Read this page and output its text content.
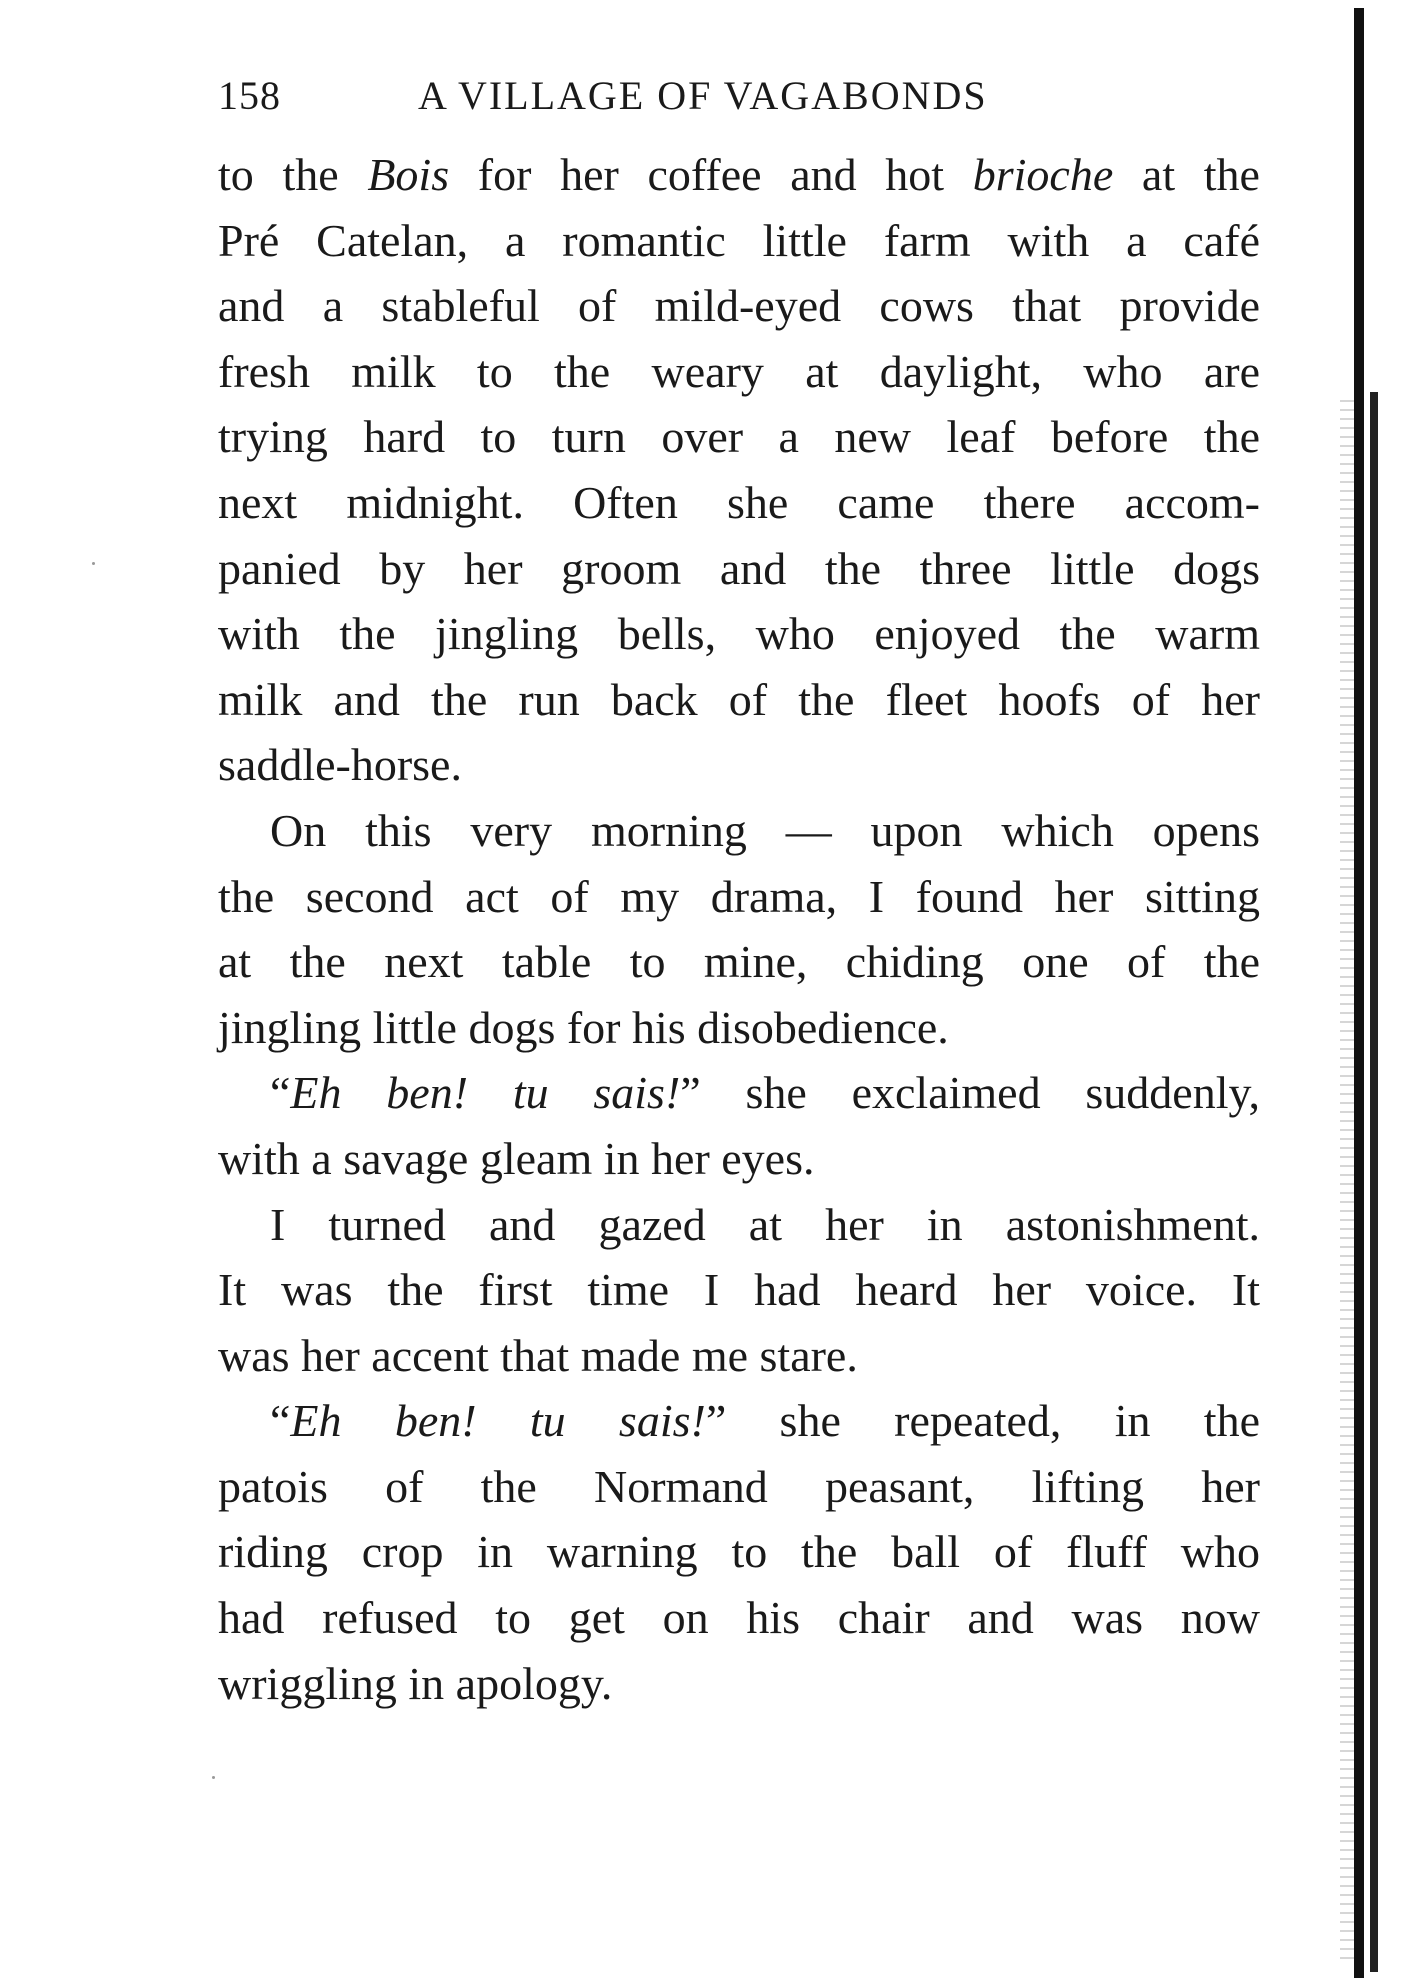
158	A VILLAGE OF VAGABONDS
to the Bois for her coffee and hot brioche at the
Pré Catelan, a romantic little farm with a café
and a stableful of mild-eyed cows that provide
fresh milk to the weary at daylight, who are
trying hard to turn over a new leaf before the
next midnight. Often she came there accom-
panied by her groom and the three little dogs
with the jingling bells, who enjoyed the warm
milk and the run back of the fleet hoofs of her
saddle-horse.
On this very morning — upon which opens
the second act of my drama, I found her sitting
at the next table to mine, chiding one of the
jingling little dogs for his disobedience.
“Eh ben! tu sais!” she exclaimed suddenly,
with a savage gleam in her eyes.
I turned and gazed at her in astonishment.
It was the first time I had heard her voice. It
was her accent that made me stare.
“Eh ben! tu sais!” she repeated, in the
patois of the Normand peasant, lifting her
riding crop in warning to the ball of fluff who
had refused to get on his chair and was now
wriggling in apology.
